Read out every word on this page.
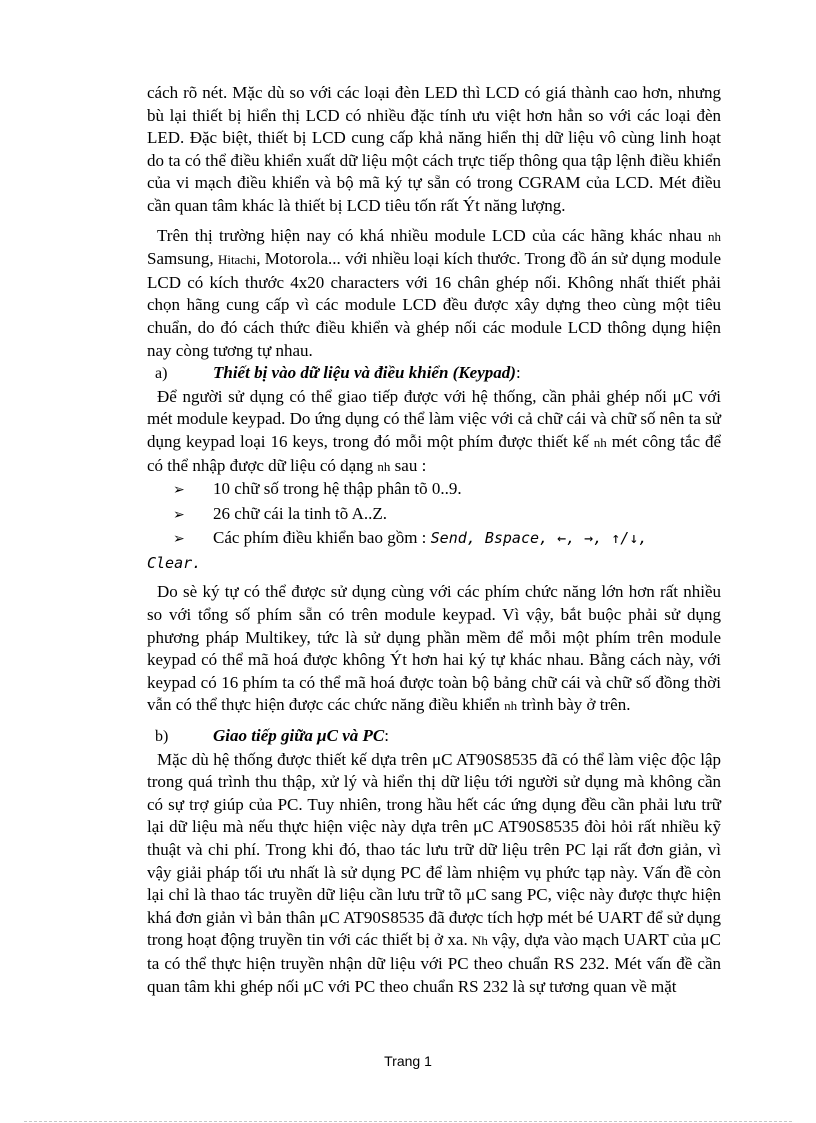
cách rõ nét. Mặc dù so với các loại đèn LED thì LCD có giá thành cao hơn, nhưng bù lại thiết bị hiển thị LCD có nhiều đặc tính ưu việt hơn hẳn so với các loại đèn LED. Đặc biệt, thiết bị LCD cung cấp khả năng hiển thị dữ liệu vô cùng linh hoạt do ta có thể điều khiển xuất dữ liệu một cách trực tiếp thông qua tập lệnh điều khiển của vi mạch điều khiển và bộ mã ký tự sẵn có trong CGRAM của LCD. Mét điều cần quan tâm khác là thiết bị LCD tiêu tốn rất Ýt năng lượng.

Trên thị trường hiện nay có khá nhiều module LCD của các hãng khác nhau nh Samsung, Hitachi, Motorola... với nhiều loại kích thước. Trong đồ án sử dụng module LCD có kích thước 4x20 characters với 16 chân ghép nối. Không nhất thiết phải chọn hãng cung cấp vì các module LCD đều được xây dựng theo cùng một tiêu chuẩn, do đó cách thức điều khiển và ghép nối các module LCD thông dụng hiện nay còng tương tự nhau.

a)	Thiết bị vào dữ liệu và điều khiển (Keypad) :

Để người sử dụng có thể giao tiếp được với hệ thống, cần phải ghép nối μC với mét module keypad. Do ứng dụng có thể làm việc với cả chữ cái và chữ số nên ta sử dụng keypad loại 16 keys, trong đó mỗi một phím được thiết kế nh mét công tắc để có thể nhập được dữ liệu có dạng nh sau :

➢	10 chữ số trong hệ thập phân tõ 0..9.
➢	26 chữ cái la tinh tõ A..Z.
➢	Các phím điều khiển bao gồm : Send, Bspace, ←, →, ↑/↓,

Clear.

Do sè ký tự có thể được sử dụng cùng với các phím chức năng lớn hơn rất nhiều so với tổng số phím sẵn có trên module keypad. Vì vậy, bắt buộc phải sử dụng phương pháp Multikey, tức là sử dụng phần mềm để mỗi một phím trên module keypad có thể mã hoá được không Ýt hơn hai ký tự khác nhau. Bằng cách này, với keypad có 16 phím ta có thể mã hoá được toàn bộ bảng chữ cái và chữ số đồng thời vẫn có thể thực hiện được các chức năng điều khiển nh trình bày ở trên.

b)	Giao tiếp giữa μC và PC :

Mặc dù hệ thống được thiết kế dựa trên μC AT90S8535 đã có thể làm việc độc lập trong quá trình thu thập, xử lý và hiển thị dữ liệu tới người sử dụng mà không cần có sự trợ giúp của PC. Tuy nhiên, trong hầu hết các ứng dụng đều cần phải lưu trữ lại dữ liệu mà nếu thực hiện việc này dựa trên μC AT90S8535 đòi hỏi rất nhiều kỹ thuật và chi phí. Trong khi đó, thao tác lưu trữ dữ liệu trên PC lại rất đơn giản, vì vậy giải pháp tối ưu nhất là sử dụng PC để làm nhiệm vụ phức tạp này. Vấn đề còn lại chỉ là thao tác truyền dữ liệu cần lưu trữ tõ μC sang PC, việc này được thực hiện khá đơn giản vì bản thân μC AT90S8535 đã được tích hợp mét bé UART để sử dụng trong hoạt động truyền tin với các thiết bị ở xa. Nh vậy, dựa vào mạch UART của μC ta có thể thực hiện truyền nhận dữ liệu với PC theo chuẩn RS 232. Mét vấn đề cần quan tâm khi ghép nối μC với PC theo chuẩn RS 232 là sự tương quan về mặt

Trang 1
